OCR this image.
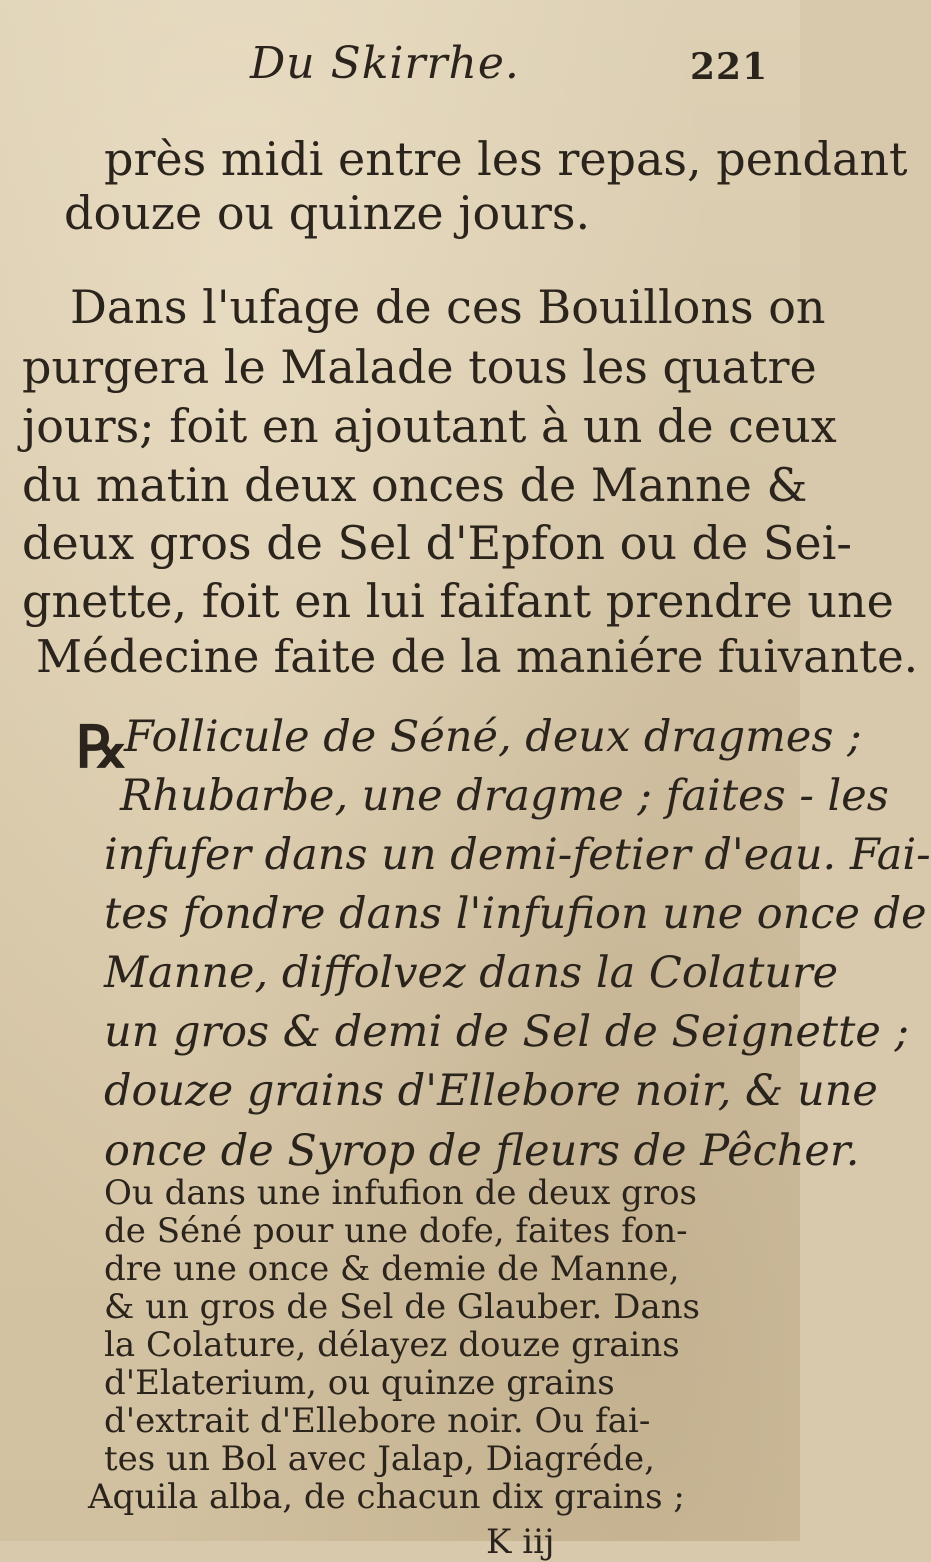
Du Skirrhe.	221
près midi entre les repas, pendant
douze ou quinze jours.
Dans l'ufage de ces Bouillons on
purgera le Malade tous les quatre
jours; foit en ajoutant à un de ceux
du matin deux onces de Manne &
deux gros de Sel d'Epfon ou de Sei-
gnette, foit en lui faifant prendre une
Médecine faite de la maniére fuivante.
℞
Follicule de Séné, deux dragmes ;
Rhubarbe, une dragme ; faites - les
infufer dans un demi-fetier d'eau. Fai-
tes fondre dans l'infufion une once de
Manne, diffolvez dans la Colature
un gros & demi de Sel de Seignette ;
douze grains d'Ellebore noir, & une
once de Syrop de fleurs de Pêcher.
Ou dans une infufion de deux gros
de Séné pour une dofe, faites fon-
dre une once & demie de Manne,
& un gros de Sel de Glauber. Dans
la Colature, délayez douze grains
K iij
d'Elaterium, ou quinze grains
d'extrait d'Ellebore noir. Ou fai-
tes un Bol avec Jalap, Diagréde,
Aquila alba, de chacun dix grains ;
